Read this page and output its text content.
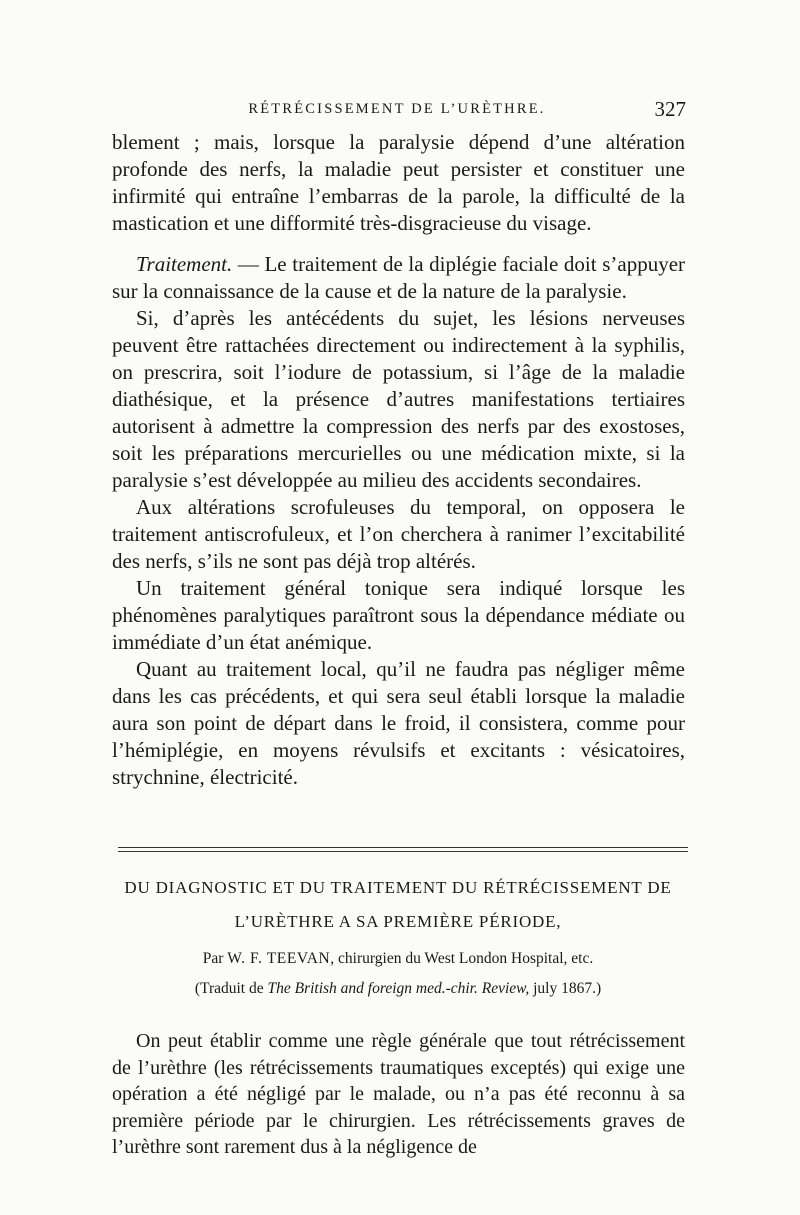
RÉTRÉCISSEMENT DE L’URÈTHRE.	327

blement ; mais, lorsque la paralysie dépend d’une altération profonde des nerfs, la maladie peut persister et constituer une infirmité qui entraîne l’embarras de la parole, la difficulté de la mastication et une difformité très-disgracieuse du visage.

Traitement. — Le traitement de la diplégie faciale doit s’appuyer sur la connaissance de la cause et de la nature de la paralysie.

Si, d’après les antécédents du sujet, les lésions nerveuses peuvent être rattachées directement ou indirectement à la syphilis, on prescrira, soit l’iodure de potassium, si l’âge de la maladie diathésique, et la présence d’autres manifestations tertiaires autorisent à admettre la compression des nerfs par des exostoses, soit les préparations mercurielles ou une médication mixte, si la paralysie s’est développée au milieu des accidents secondaires.

Aux altérations scrofuleuses du temporal, on opposera le traitement antiscrofuleux, et l’on cherchera à ranimer l’excitabilité des nerfs, s’ils ne sont pas déjà trop altérés.

Un traitement général tonique sera indiqué lorsque les phénomènes paralytiques paraîtront sous la dépendance médiate ou immédiate d’un état anémique.

Quant au traitement local, qu’il ne faudra pas négliger même dans les cas précédents, et qui sera seul établi lorsque la maladie aura son point de départ dans le froid, il consistera, comme pour l’hémiplégie, en moyens révulsifs et excitants : vésicatoires, strychnine, électricité.

DU DIAGNOSTIC ET DU TRAITEMENT DU RÉTRÉCISSEMENT DE
L’URÈTHRE A SA PREMIÈRE PÉRIODE,
Par W. F. TEEVAN, chirurgien du West London Hospital, etc.
(Traduit de The British and foreign med.-chir. Review, july 1867.)

On peut établir comme une règle générale que tout rétrécissement de l’urèthre (les rétrécissements traumatiques exceptés) qui exige une opération a été négligé par le malade, ou n’a pas été reconnu à sa première période par le chirurgien. Les rétrécissements graves de l’urèthre sont rarement dus à la négligence de
